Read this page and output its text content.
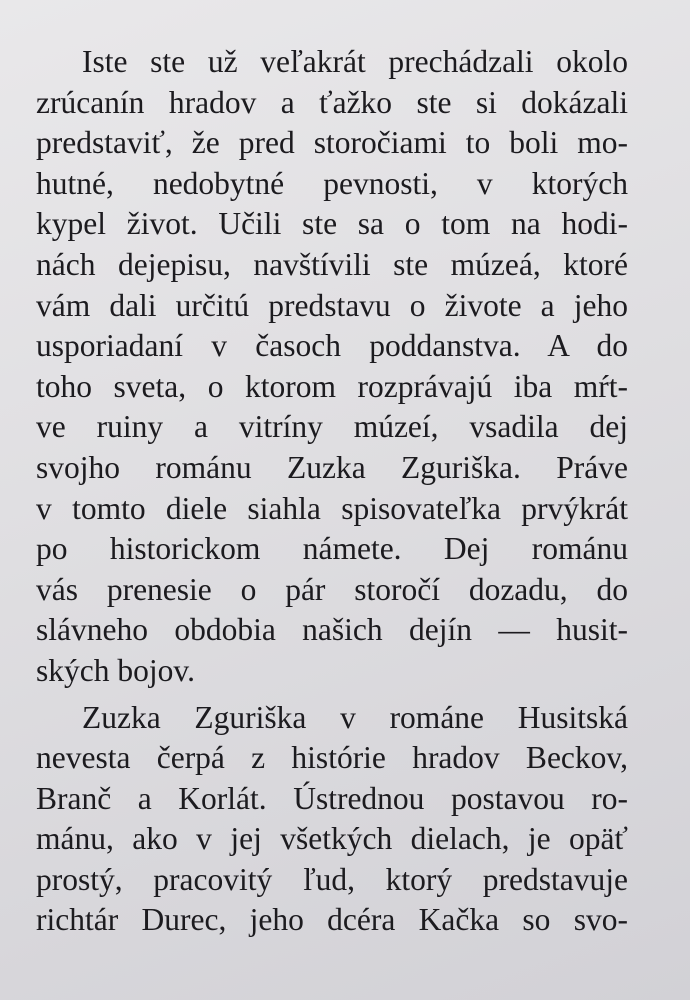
Iste ste už veľakrát prechádzali okolo
zrúcanín hradov a ťažko ste si dokázali
predstaviť, že pred storočiami to boli mo-
hutné, nedobytné pevnosti, v ktorých
kypel život. Učili ste sa o tom na hodi-
nách dejepisu, navštívili ste múzeá, ktoré
vám dali určitú predstavu o živote a jeho
usporiadaní v časoch poddanstva. A do
toho sveta, o ktorom rozprávajú iba mŕt-
ve ruiny a vitríny múzeí, vsadila dej
svojho románu Zuzka Zguriška. Práve
v tomto diele siahla spisovateľka prvýkrát
po historickom námete. Dej románu
vás prenesie o pár storočí dozadu, do
slávneho obdobia našich dejín — husit-
ských bojov.
Zuzka Zguriška v románe Husitská
nevesta čerpá z histórie hradov Beckov,
Branč a Korlát. Ústrednou postavou ro-
mánu, ako v jej všetkých dielach, je opäť
prostý, pracovitý ľud, ktorý predstavuje
richtár Durec, jeho dcéra Kačka so svo-
